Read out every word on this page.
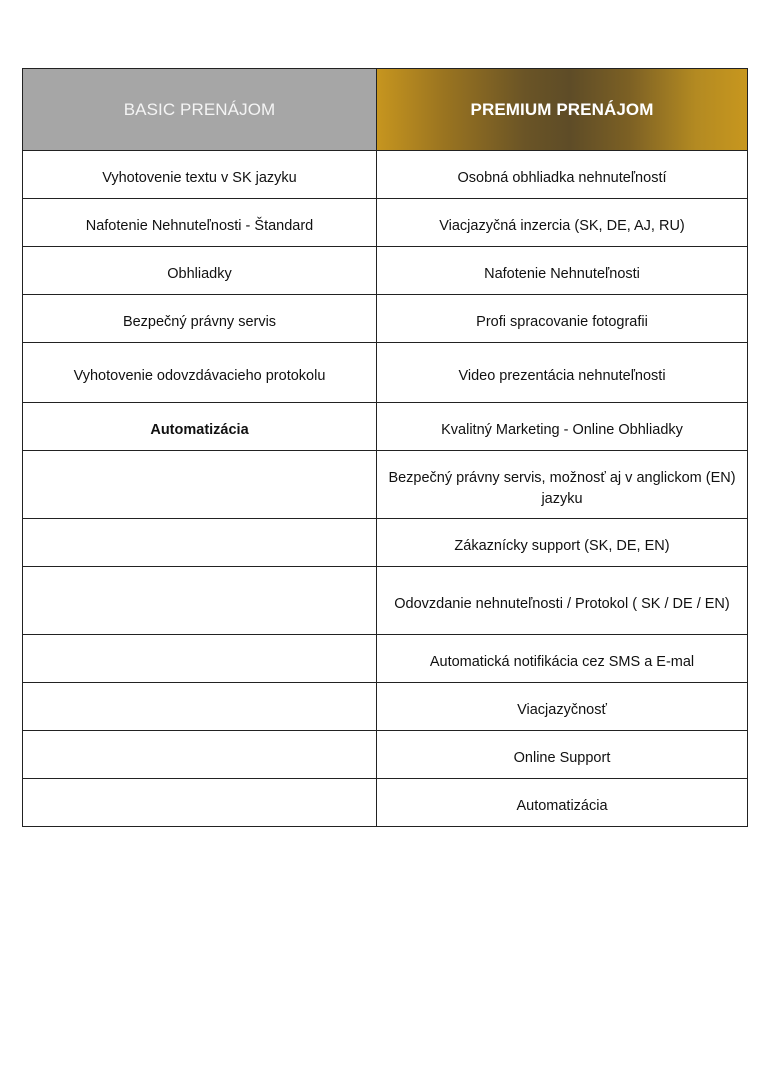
BASIC PRENÁJOM	PREMIUM PRENÁJOM
Vyhotovenie textu v SK jazyku	Osobná obhliadka nehnuteľností
Nafotenie Nehnuteľnosti - Štandard	Viacjazyčná inzercia (SK, DE, AJ, RU)
Obhliadky	Nafotenie Nehnuteľnosti
Bezpečný právny servis	Profi spracovanie fotografii
Vyhotovenie odovzdávacieho protokolu	Video prezentácia nehnuteľnosti
Automatizácia	Kvalitný Marketing - Online Obhliadky
	Bezpečný právny servis, možnosť aj v anglickom (EN) jazyku
	Zákaznícky support (SK, DE, EN)
	Odovzdanie nehnuteľnosti / Protokol ( SK / DE / EN)
	Automatická notifikácia cez SMS a E-mal
	Viacjazyčnosť
	Online Support
	Automatizácia
